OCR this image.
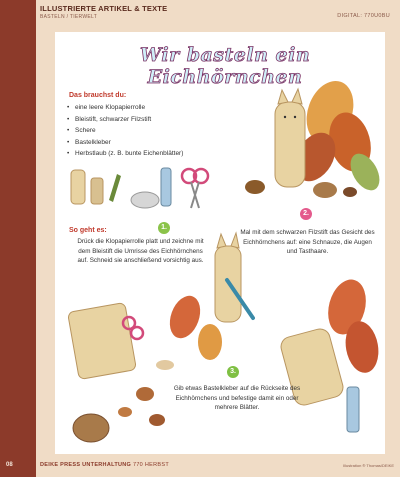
ILLUSTRIERTE ARTIKEL & TEXTE
BASTELN / TIERWELT	DIGITAL: 770U0BU
Wir basteln ein Eichhörnchen
Das brauchst du:
• eine leere Klopapierrolle
• Bleistift, schwarzer Filzstift
• Schere
• Bastelkleber
• Herbstlaub (z. B. bunte Eichenblätter)
So geht es:	1.
Drück die Klopapierrolle platt und zeichne mit dem Bleistift die Umrisse des Eichhörnchens auf. Schneid sie anschließend vorsichtig aus.
2.
Mal mit dem schwarzen Filzstift das Gesicht des Eichhörnchens auf: eine Schnauze, die Augen und Tasthaare.
3.
Gib etwas Bastelkleber auf die Rückseite des Eichhörnchens und befestige damit ein oder mehrere Blätter.
08	DEIKE PRESS UNTERHALTUNG 770 HERBST	Illustration ® Thomas/DEIKE
